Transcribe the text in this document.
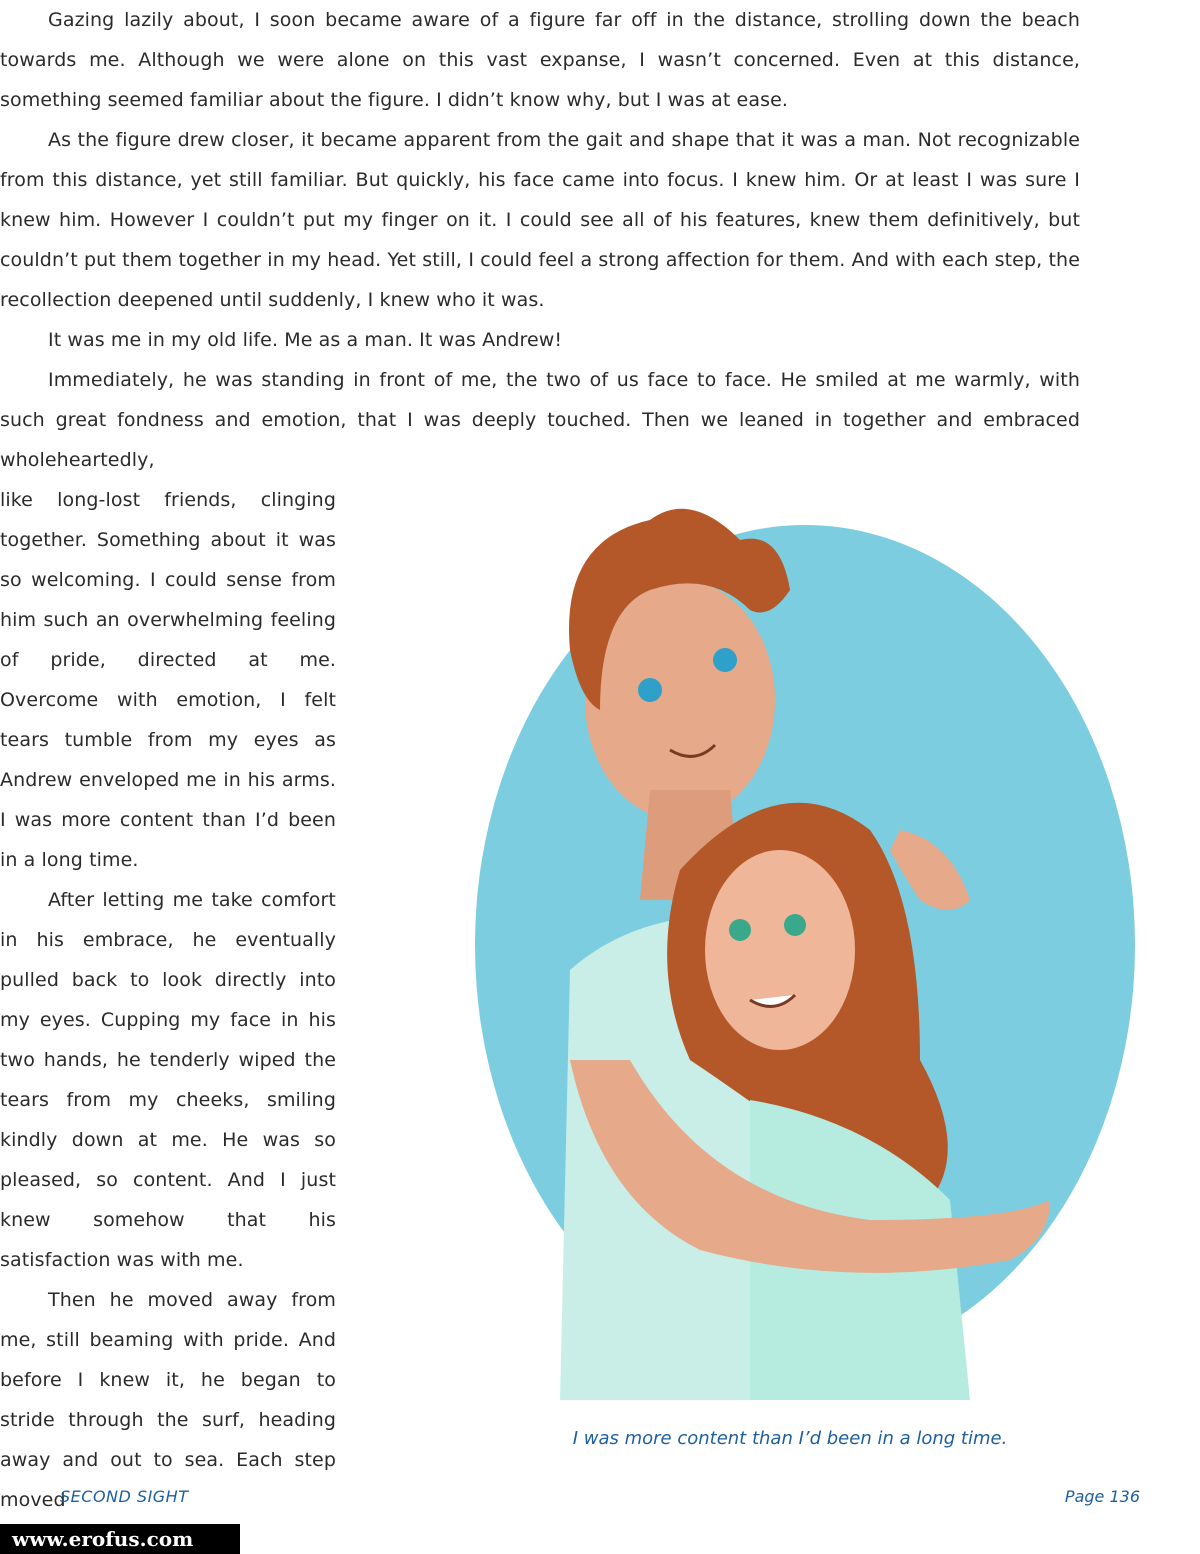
Gazing lazily about, I soon became aware of a figure far off in the distance, strolling down the beach towards me. Although we were alone on this vast expanse, I wasn’t concerned. Even at this distance, something seemed familiar about the figure. I didn’t know why, but I was at ease.

As the figure drew closer, it became apparent from the gait and shape that it was a man. Not recognizable from this distance, yet still familiar. But quickly, his face came into focus. I knew him. Or at least I was sure I knew him. However I couldn’t put my finger on it. I could see all of his features, knew them definitively, but couldn’t put them together in my head. Yet still, I could feel a strong affection for them. And with each step, the recollection deepened until suddenly, I knew who it was.

It was me in my old life. Me as a man. It was Andrew!

Immediately, he was standing in front of me, the two of us face to face. He smiled at me warmly, with such great fondness and emotion, that I was deeply touched. Then we leaned in together and embraced wholeheartedly,

like long-lost friends, clinging together. Something about it was so welcoming. I could sense from him such an overwhelming feeling of pride, directed at me. Overcome with emotion, I felt tears tumble from my eyes as Andrew enveloped me in his arms. I was more content than I’d been in a long time.

After letting me take comfort in his embrace, he eventually pulled back to look directly into my eyes. Cupping my face in his two hands, he tenderly wiped the tears from my cheeks, smiling kindly down at me. He was so pleased, so content. And I just knew somehow that his satisfaction was with me.

Then he moved away from me, still beaming with pride. And before I knew it, he began to stride through the surf, heading away and out to sea. Each step moved

I was more content than I’d been in a long time.
SECOND SIGHT	Page 136
www.erofus.com
